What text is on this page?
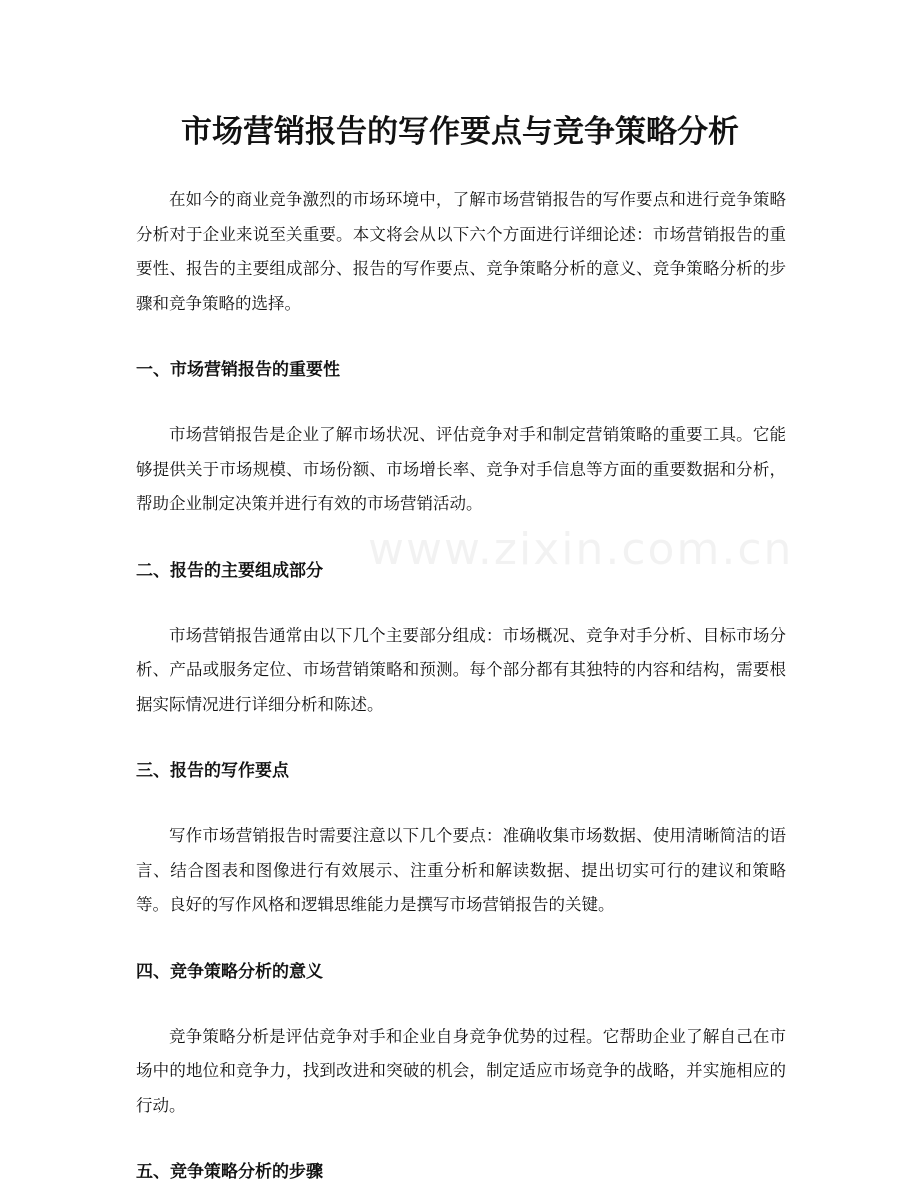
市场营销报告的写作要点与竞争策略分析

在如今的商业竞争激烈的市场环境中，了解市场营销报告的写作要点和进行竞争策略分析对于企业来说至关重要。本文将会从以下六个方面进行详细论述：市场营销报告的重要性、报告的主要组成部分、报告的写作要点、竞争策略分析的意义、竞争策略分析的步骤和竞争策略的选择。

一、市场营销报告的重要性

市场营销报告是企业了解市场状况、评估竞争对手和制定营销策略的重要工具。它能够提供关于市场规模、市场份额、市场增长率、竞争对手信息等方面的重要数据和分析，帮助企业制定决策并进行有效的市场营销活动。

二、报告的主要组成部分

市场营销报告通常由以下几个主要部分组成：市场概况、竞争对手分析、目标市场分析、产品或服务定位、市场营销策略和预测。每个部分都有其独特的内容和结构，需要根据实际情况进行详细分析和陈述。

三、报告的写作要点

写作市场营销报告时需要注意以下几个要点：准确收集市场数据、使用清晰简洁的语言、结合图表和图像进行有效展示、注重分析和解读数据、提出切实可行的建议和策略等。良好的写作风格和逻辑思维能力是撰写市场营销报告的关键。

四、竞争策略分析的意义

竞争策略分析是评估竞争对手和企业自身竞争优势的过程。它帮助企业了解自己在市场中的地位和竞争力，找到改进和突破的机会，制定适应市场竞争的战略，并实施相应的行动。

五、竞争策略分析的步骤
www.zixin.com.cn
